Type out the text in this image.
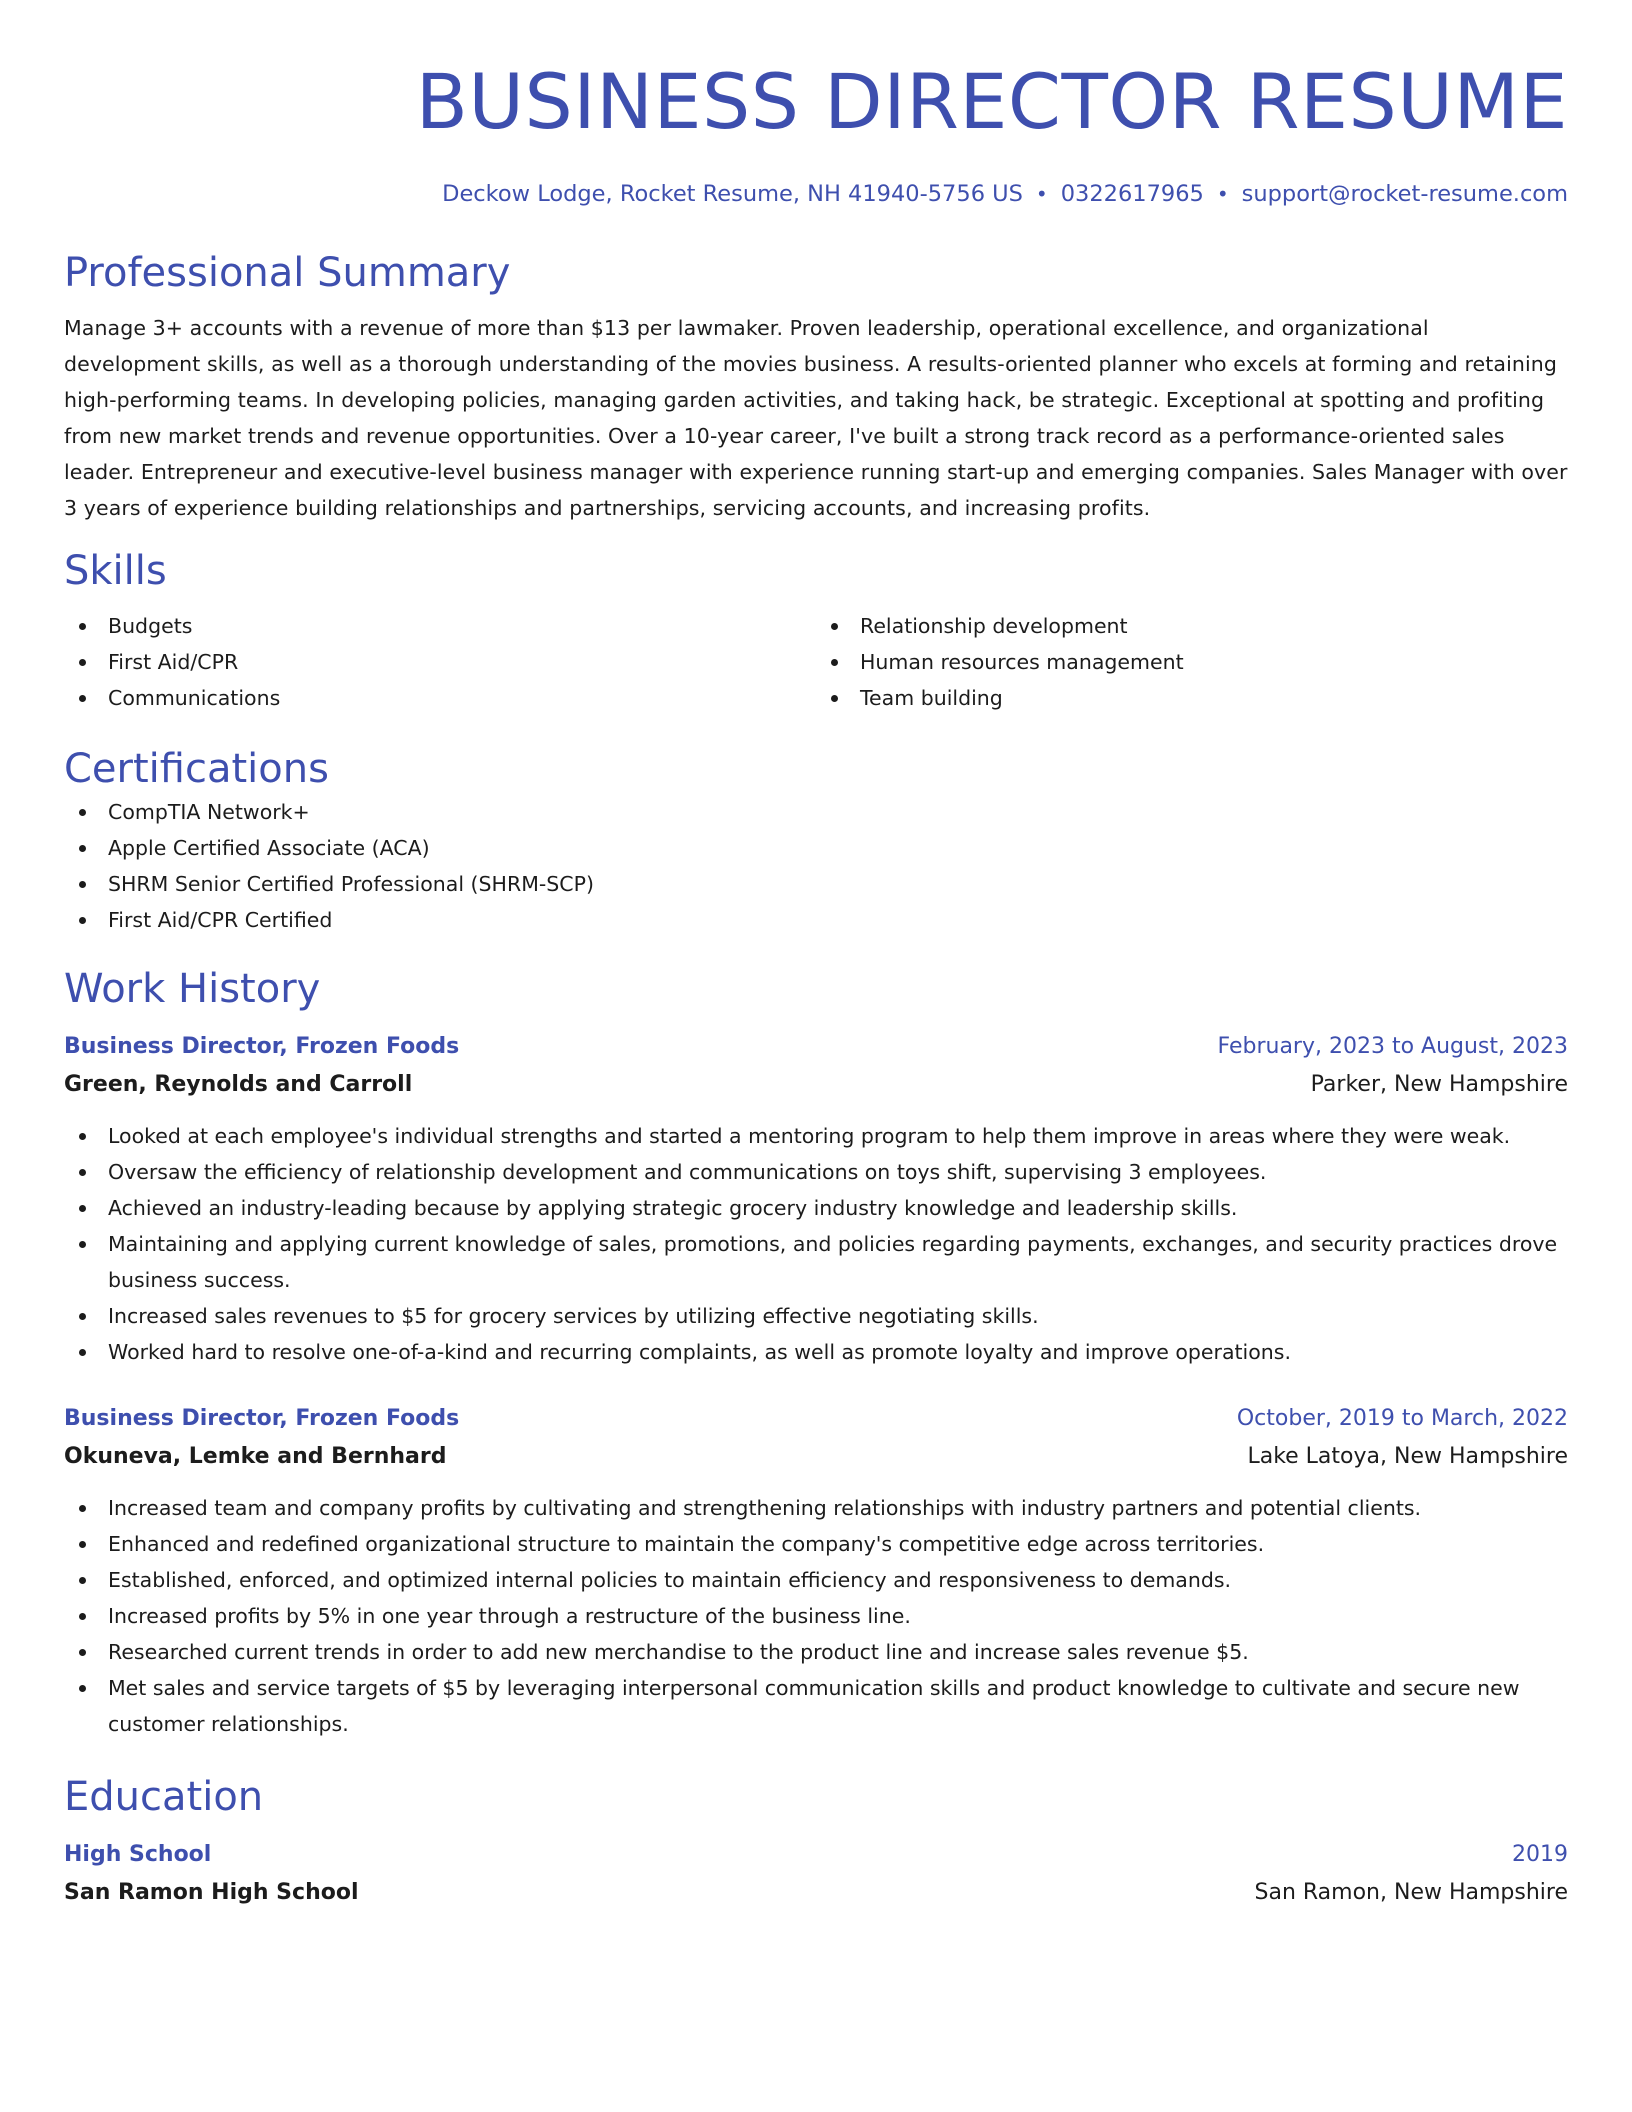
BUSINESS DIRECTOR RESUME
Deckow Lodge, Rocket Resume, NH 41940-5756 US • 0322617965 • support@rocket-resume.com
Professional Summary
Manage 3+ accounts with a revenue of more than $13 per lawmaker. Proven leadership, operational excellence, and organizational development skills, as well as a thorough understanding of the movies business. A results-oriented planner who excels at forming and retaining high-performing teams. In developing policies, managing garden activities, and taking hack, be strategic. Exceptional at spotting and profiting from new market trends and revenue opportunities. Over a 10-year career, I've built a strong track record as a performance-oriented sales leader. Entrepreneur and executive-level business manager with experience running start-up and emerging companies. Sales Manager with over 3 years of experience building relationships and partnerships, servicing accounts, and increasing profits.
Skills
Budgets
First Aid/CPR
Communications
Relationship development
Human resources management
Team building
Certifications
CompTIA Network+
Apple Certified Associate (ACA)
SHRM Senior Certified Professional (SHRM-SCP)
First Aid/CPR Certified
Work History
Business Director, Frozen Foods	February, 2023 to August, 2023
Green, Reynolds and Carroll	Parker, New Hampshire
Looked at each employee's individual strengths and started a mentoring program to help them improve in areas where they were weak.
Oversaw the efficiency of relationship development and communications on toys shift, supervising 3 employees.
Achieved an industry-leading because by applying strategic grocery industry knowledge and leadership skills.
Maintaining and applying current knowledge of sales, promotions, and policies regarding payments, exchanges, and security practices drove business success.
Increased sales revenues to $5 for grocery services by utilizing effective negotiating skills.
Worked hard to resolve one-of-a-kind and recurring complaints, as well as promote loyalty and improve operations.
Business Director, Frozen Foods	October, 2019 to March, 2022
Okuneva, Lemke and Bernhard	Lake Latoya, New Hampshire
Increased team and company profits by cultivating and strengthening relationships with industry partners and potential clients.
Enhanced and redefined organizational structure to maintain the company's competitive edge across territories.
Established, enforced, and optimized internal policies to maintain efficiency and responsiveness to demands.
Increased profits by 5% in one year through a restructure of the business line.
Researched current trends in order to add new merchandise to the product line and increase sales revenue $5.
Met sales and service targets of $5 by leveraging interpersonal communication skills and product knowledge to cultivate and secure new customer relationships.
Education
High School	2019
San Ramon High School	San Ramon, New Hampshire
